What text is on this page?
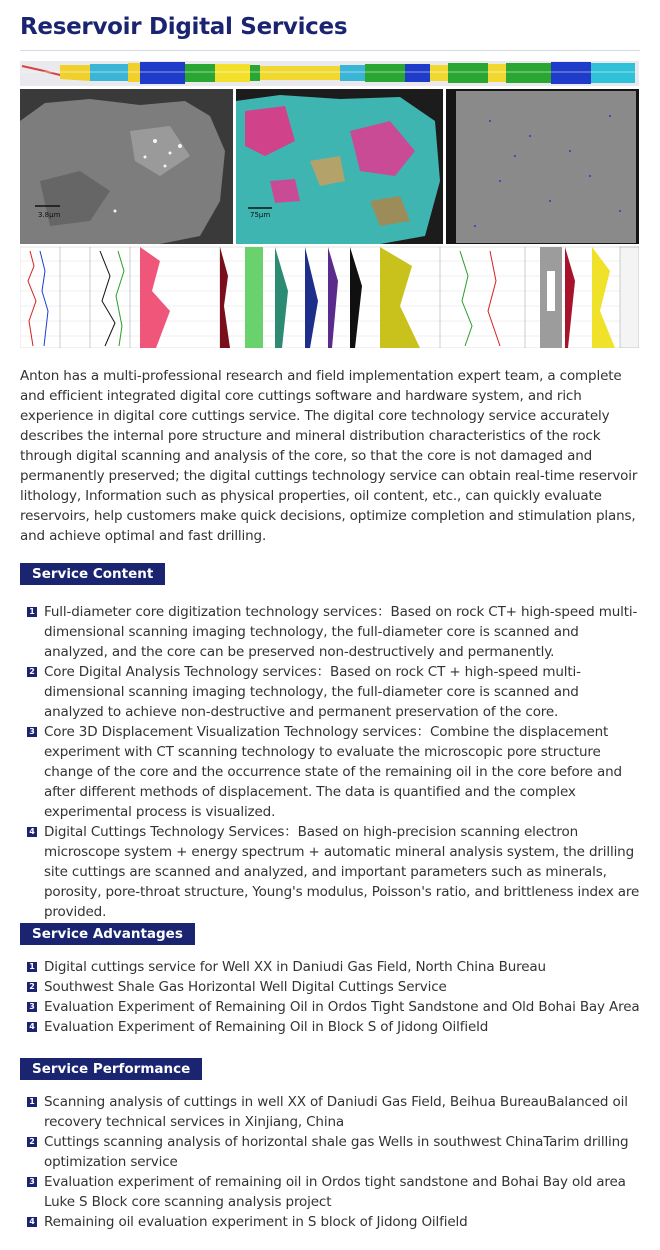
Reservoir Digital Services
3.8µm	75µm

Anton has a multi-professional research and field implementation expert team, a complete and efficient integrated digital core cuttings software and hardware system, and rich experience in digital core cuttings service. The digital core technology service accurately describes the internal pore structure and mineral distribution characteristics of the rock through digital scanning and analysis of the core, so that the core is not damaged and permanently preserved; the digital cuttings technology service can obtain real-time reservoir lithology, Information such as physical properties, oil content, etc., can quickly evaluate reservoirs, help customers make quick decisions, optimize completion and stimulation plans, and achieve optimal and fast drilling.

Service Content
1 Full-diameter core digitization technology services：Based on rock CT+ high-speed multi-dimensional scanning imaging technology, the full-diameter core is scanned and analyzed, and the core can be preserved non-destructively and permanently.
2 Core Digital Analysis Technology services：Based on rock CT + high-speed multi-dimensional scanning imaging technology, the full-diameter core is scanned and analyzed to achieve non-destructive and permanent preservation of the core.
3 Core 3D Displacement Visualization Technology services：Combine the displacement experiment with CT scanning technology to evaluate the microscopic pore structure change of the core and the occurrence state of the remaining oil in the core before and after different methods of displacement. The data is quantified and the complex experimental process is visualized.
4 Digital Cuttings Technology Services：Based on high-precision scanning electron microscope system + energy spectrum + automatic mineral analysis system, the drilling site cuttings are scanned and analyzed, and important parameters such as minerals, porosity, pore-throat structure, Young's modulus, Poisson's ratio, and brittleness index are provided.
Service Advantages
1 Digital cuttings service for Well XX in Daniudi Gas Field, North China Bureau
2 Southwest Shale Gas Horizontal Well Digital Cuttings Service
3 Evaluation Experiment of Remaining Oil in Ordos Tight Sandstone and Old Bohai Bay Area
4 Evaluation Experiment of Remaining Oil in Block S of Jidong Oilfield
Service Performance
1 Scanning analysis of cuttings in well XX of Daniudi Gas Field, Beihua BureauBalanced oil recovery technical services in Xinjiang, China
2 Cuttings scanning analysis of horizontal shale gas Wells in southwest ChinaTarim drilling optimization service
3 Evaluation experiment of remaining oil in Ordos tight sandstone and Bohai Bay old area Luke S Block core scanning analysis project
4 Remaining oil evaluation experiment in S block of Jidong Oilfield
